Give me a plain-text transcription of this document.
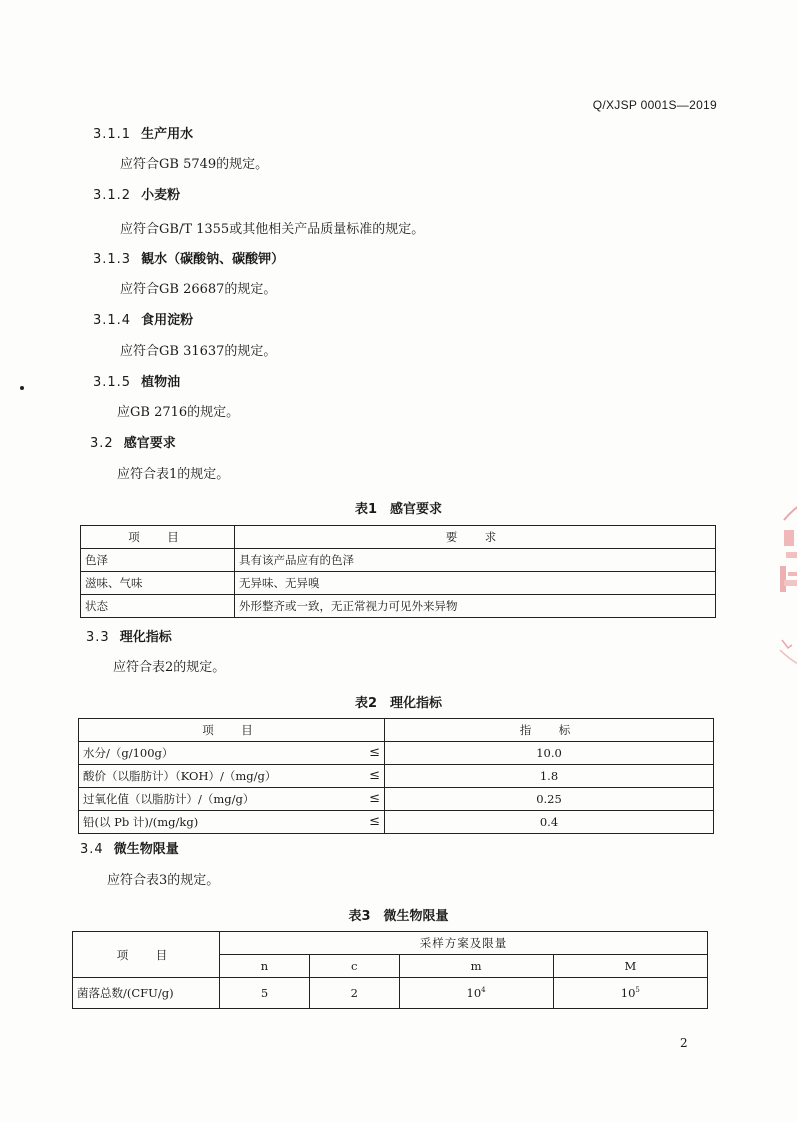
Q/XJSP 0001S—2019
3.1.1 生产用水
应符合GB 5749的规定。
3.1.2 小麦粉
应符合GB/T 1355或其他相关产品质量标准的规定。
3.1.3 観水（碳酸钠、碳酸钾）
应符合GB 26687的规定。
3.1.4 食用淀粉
应符合GB 31637的规定。
3.1.5 植物油
应GB 2716的规定。
3.2 感官要求
应符合表1的规定。
表1　感官要求
项　目	要　求
色泽	具有该产品应有的色泽
滋味、气味	无异味、无异嗅
状态	外形整齐或一致，无正常视力可见外来异物
3.3 理化指标
应符合表2的规定。
表2　理化指标
项　目	指　标
水分/（g/100g） ≤	10.0
酸价（以脂肪计）（KOH）/（mg/g） ≤	1.8
过氧化值（以脂肪计）/（mg/g） ≤	0.25
铅(以 Pb 计)/(mg/kg) ≤	0.4
3.4 微生物限量
应符合表3的规定。
表3　微生物限量
项　目	采样方案及限量			
	n	c	m	M
菌落总数/(CFU/g)	5	2	$10^4$	$10^5$
2
